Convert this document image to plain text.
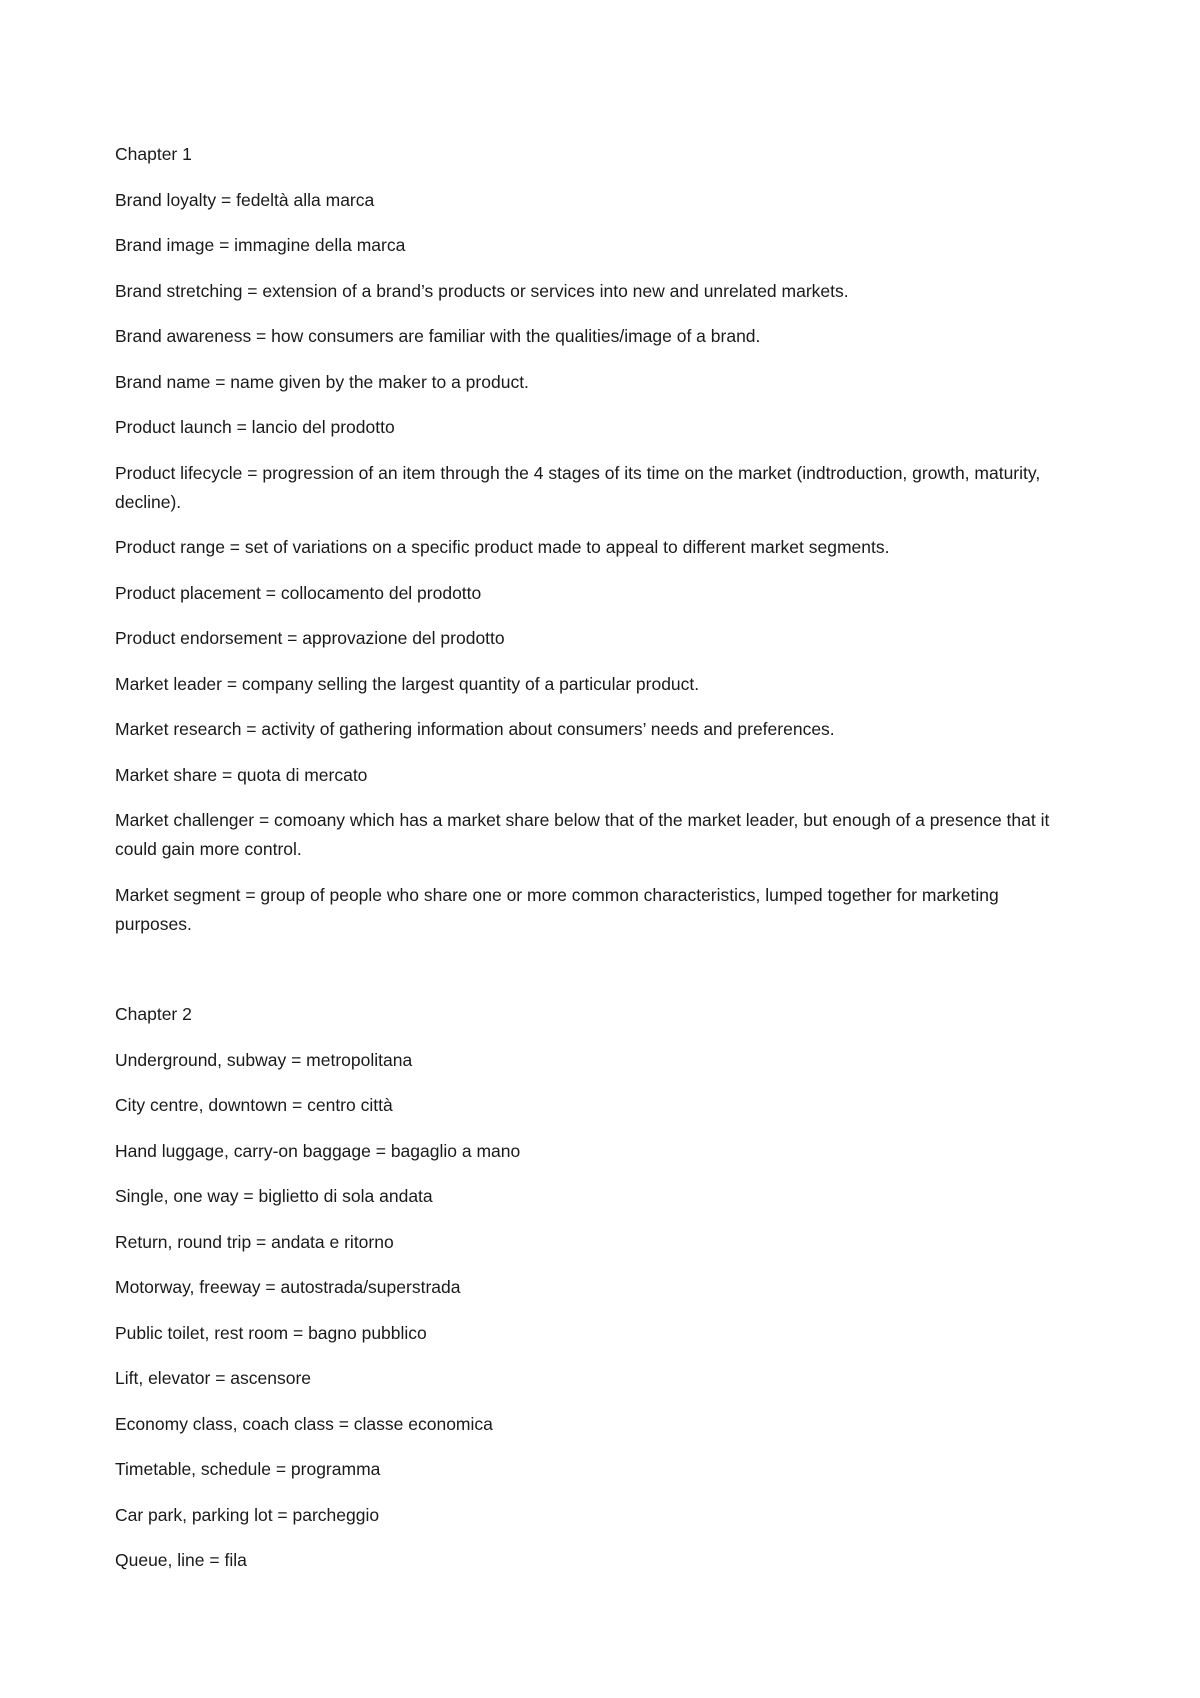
Chapter 1

Brand loyalty = fedeltà alla marca

Brand image = immagine della marca

Brand stretching = extension of a brand’s products or services into new and unrelated markets.

Brand awareness = how consumers are familiar with the qualities/image of a brand.

Brand name = name given by the maker to a product.

Product launch = lancio del prodotto

Product lifecycle = progression of an item through the 4 stages of its time on the market (indtroduction, growth, maturity, decline).

Product range = set of variations on a specific product made to appeal to different market segments.

Product placement = collocamento del prodotto

Product endorsement = approvazione del prodotto

Market leader = company selling the largest quantity of a particular product.

Market research = activity of gathering information about consumers’ needs and preferences.

Market share = quota di mercato

Market challenger = comoany which has a market share below that of the market leader, but enough of a presence that it could gain more control.

Market segment = group of people who share one or more common characteristics, lumped together for marketing purposes.

Chapter 2

Underground, subway = metropolitana

City centre, downtown = centro città

Hand luggage, carry-on baggage = bagaglio a mano

Single, one way = biglietto di sola andata

Return, round trip = andata e ritorno

Motorway, freeway = autostrada/superstrada

Public toilet, rest room = bagno pubblico

Lift, elevator = ascensore

Economy class, coach class = classe economica

Timetable, schedule = programma

Car park, parking lot = parcheggio

Queue, line = fila
